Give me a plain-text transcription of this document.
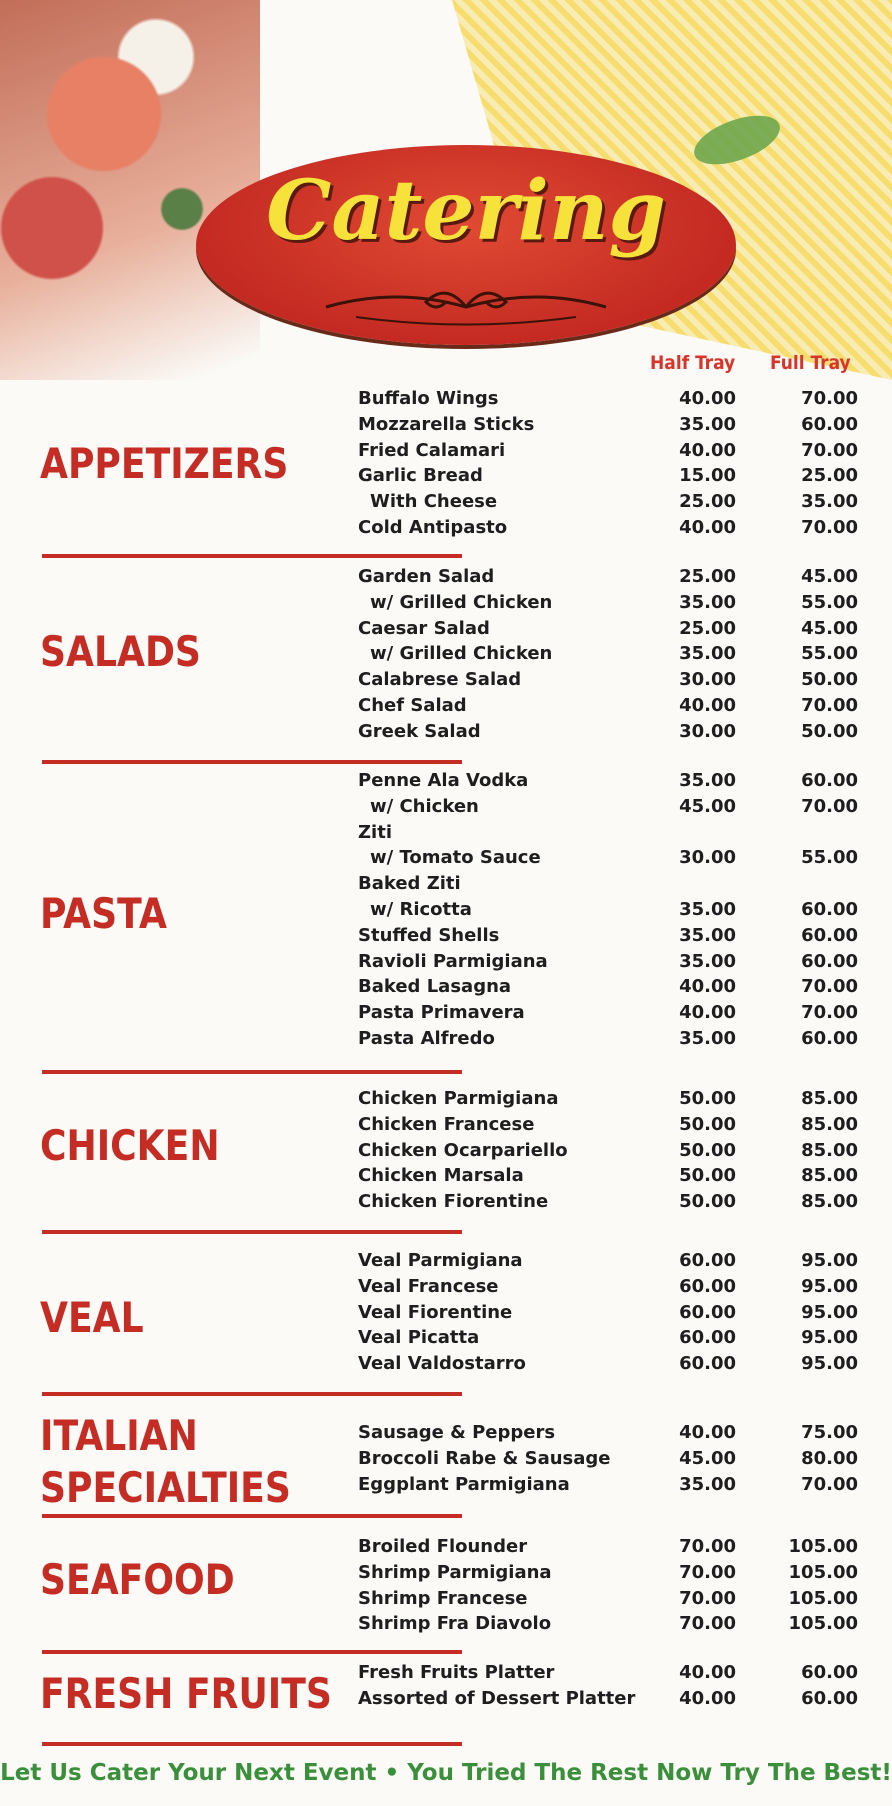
Catering
Half Tray Full Tray
APPETIZERS
Buffalo Wings	40.00	70.00
Mozzarella Sticks	35.00	60.00
Fried Calamari	40.00	70.00
Garlic Bread	15.00	25.00
With Cheese	25.00	35.00
Cold Antipasto	40.00	70.00
SALADS
Garden Salad	25.00	45.00
w/ Grilled Chicken	35.00	55.00
Caesar Salad	25.00	45.00
w/ Grilled Chicken	35.00	55.00
Calabrese Salad	30.00	50.00
Chef Salad	40.00	70.00
Greek Salad	30.00	50.00
PASTA
Penne Ala Vodka	35.00	60.00
w/ Chicken	45.00	70.00
Ziti
w/ Tomato Sauce	30.00	55.00
Baked Ziti
w/ Ricotta	35.00	60.00
Stuffed Shells	35.00	60.00
Ravioli Parmigiana	35.00	60.00
Baked Lasagna	40.00	70.00
Pasta Primavera	40.00	70.00
Pasta Alfredo	35.00	60.00
CHICKEN
Chicken Parmigiana	50.00	85.00
Chicken Francese	50.00	85.00
Chicken Ocarpariello	50.00	85.00
Chicken Marsala	50.00	85.00
Chicken Fiorentine	50.00	85.00
VEAL
Veal Parmigiana	60.00	95.00
Veal Francese	60.00	95.00
Veal Fiorentine	60.00	95.00
Veal Picatta	60.00	95.00
Veal Valdostarro	60.00	95.00
ITALIAN SPECIALTIES
Sausage & Peppers	40.00	75.00
Broccoli Rabe & Sausage	45.00	80.00
Eggplant Parmigiana	35.00	70.00
SEAFOOD
Broiled Flounder	70.00	105.00
Shrimp Parmigiana	70.00	105.00
Shrimp Francese	70.00	105.00
Shrimp Fra Diavolo	70.00	105.00
FRESH FRUITS Fresh Fruits Platter	40.00	60.00
Assorted of Dessert Platter	40.00	60.00
Let Us Cater Your Next Event • You Tried The Rest Now Try The Best!
